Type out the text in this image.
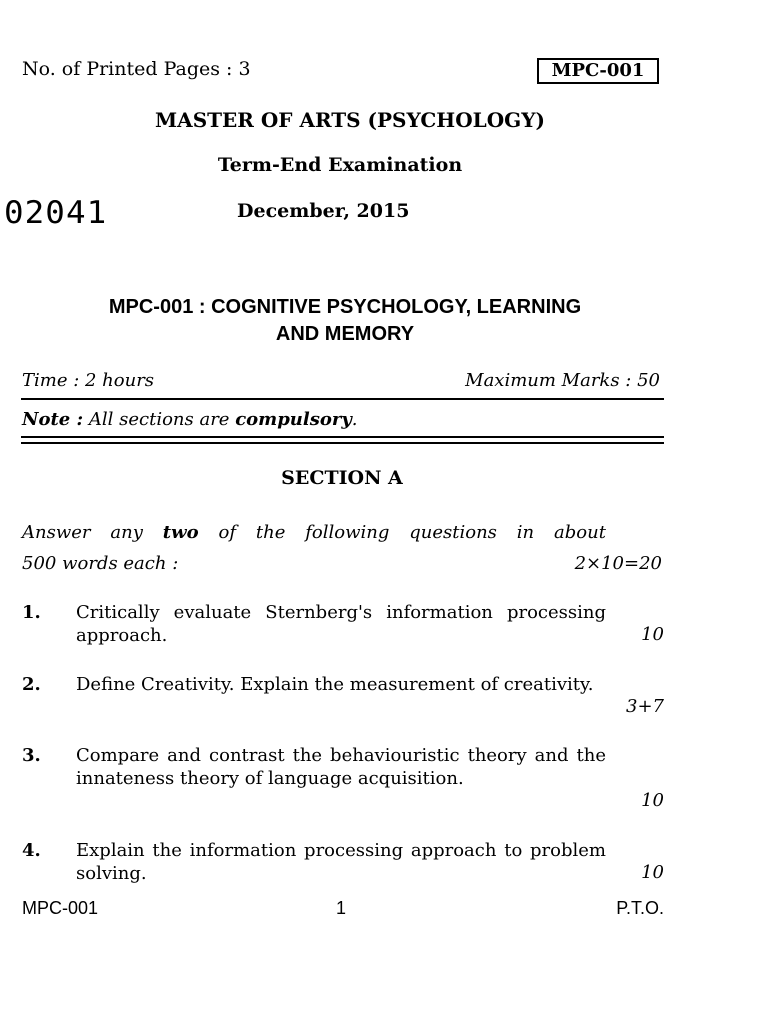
No. of Printed Pages : 3	MPC-001
MASTER OF ARTS (PSYCHOLOGY)
Term-End Examination
02041	December, 2015
MPC-001 : COGNITIVE PSYCHOLOGY, LEARNING
AND MEMORY
Time : 2 hours	Maximum Marks : 50
Note : All sections are compulsory.
SECTION A
Answer any two of the following questions in about
500 words each :	2×10=20
1. Critically evaluate Sternberg's information processing approach.	10
2. Define Creativity. Explain the measurement of creativity.
3+7
3. Compare and contrast the behaviouristic theory and the innateness theory of language acquisition.
10
4. Explain the information processing approach to problem solving.	10
MPC-001	1	P.T.O.
